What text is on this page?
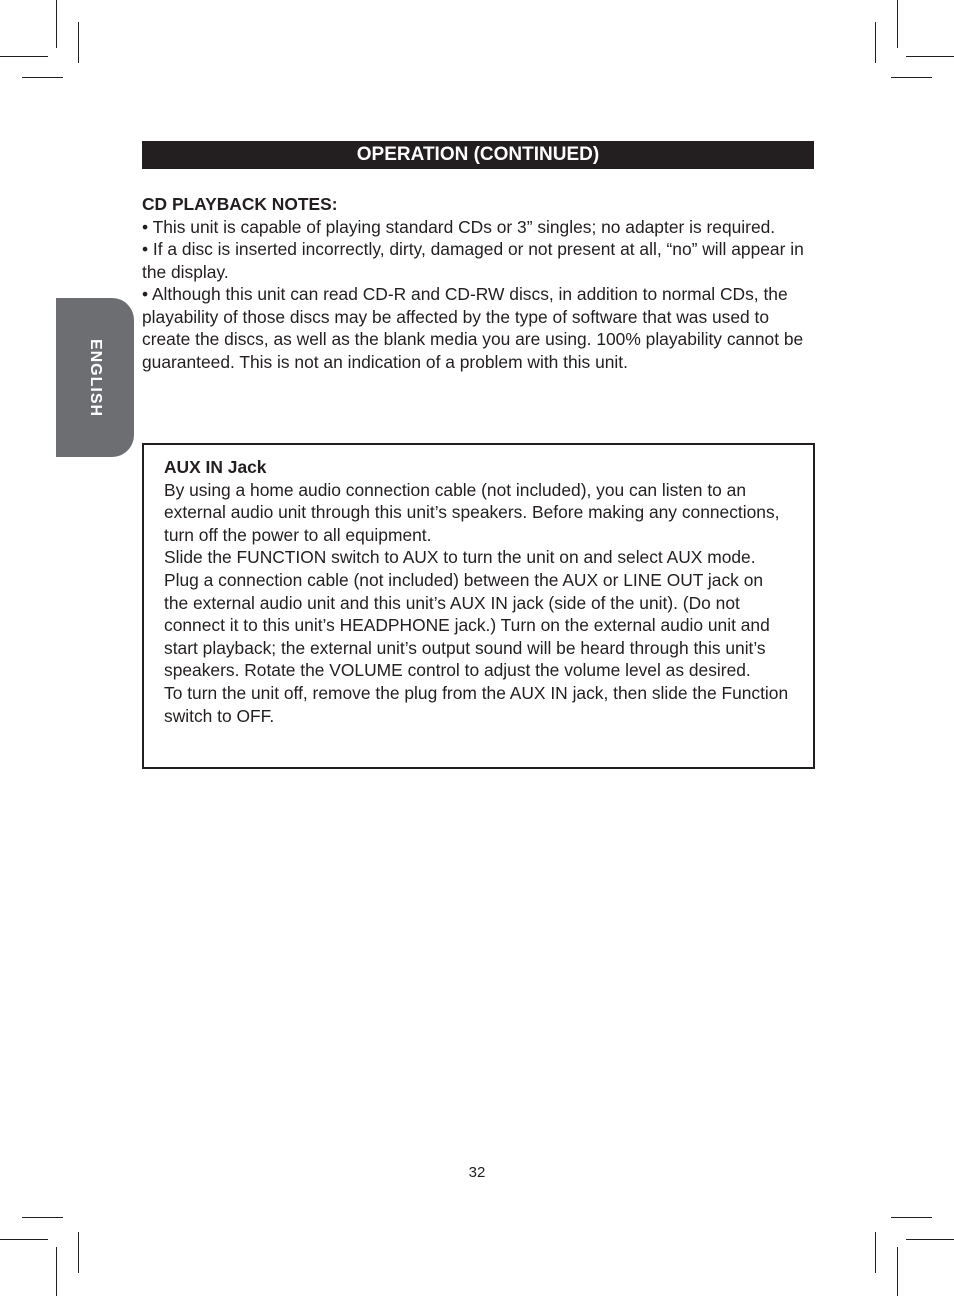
ENGLISH
OPERATION (CONTINUED)

CD PLAYBACK NOTES:

• This unit is capable of playing standard CDs or 3” singles; no adapter is required.

• If a disc is inserted incorrectly, dirty, damaged or not present at all, “no” will appear in the display.

• Although this unit can read CD-R and CD-RW discs, in addition to normal CDs, the playability of those discs may be affected by the type of software that was used to create the discs, as well as the blank media you are using. 100% playability cannot be guaranteed. This is not an indication of a problem with this unit.

AUX IN Jack

By using a home audio connection cable (not included), you can listen to an external audio unit through this unit’s speakers. Before making any connections, turn off the power to all equipment.

Slide the FUNCTION switch to AUX to turn the unit on and select AUX mode. Plug a connection cable (not included) between the AUX or LINE OUT jack on the external audio unit and this unit’s AUX IN jack (side of the unit). (Do not connect it to this unit’s HEADPHONE jack.) Turn on the external audio unit and start playback; the external unit’s output sound will be heard through this unit’s speakers. Rotate the VOLUME control to adjust the volume level as desired.

To turn the unit off, remove the plug from the AUX IN jack, then slide the Function switch to OFF.

32
